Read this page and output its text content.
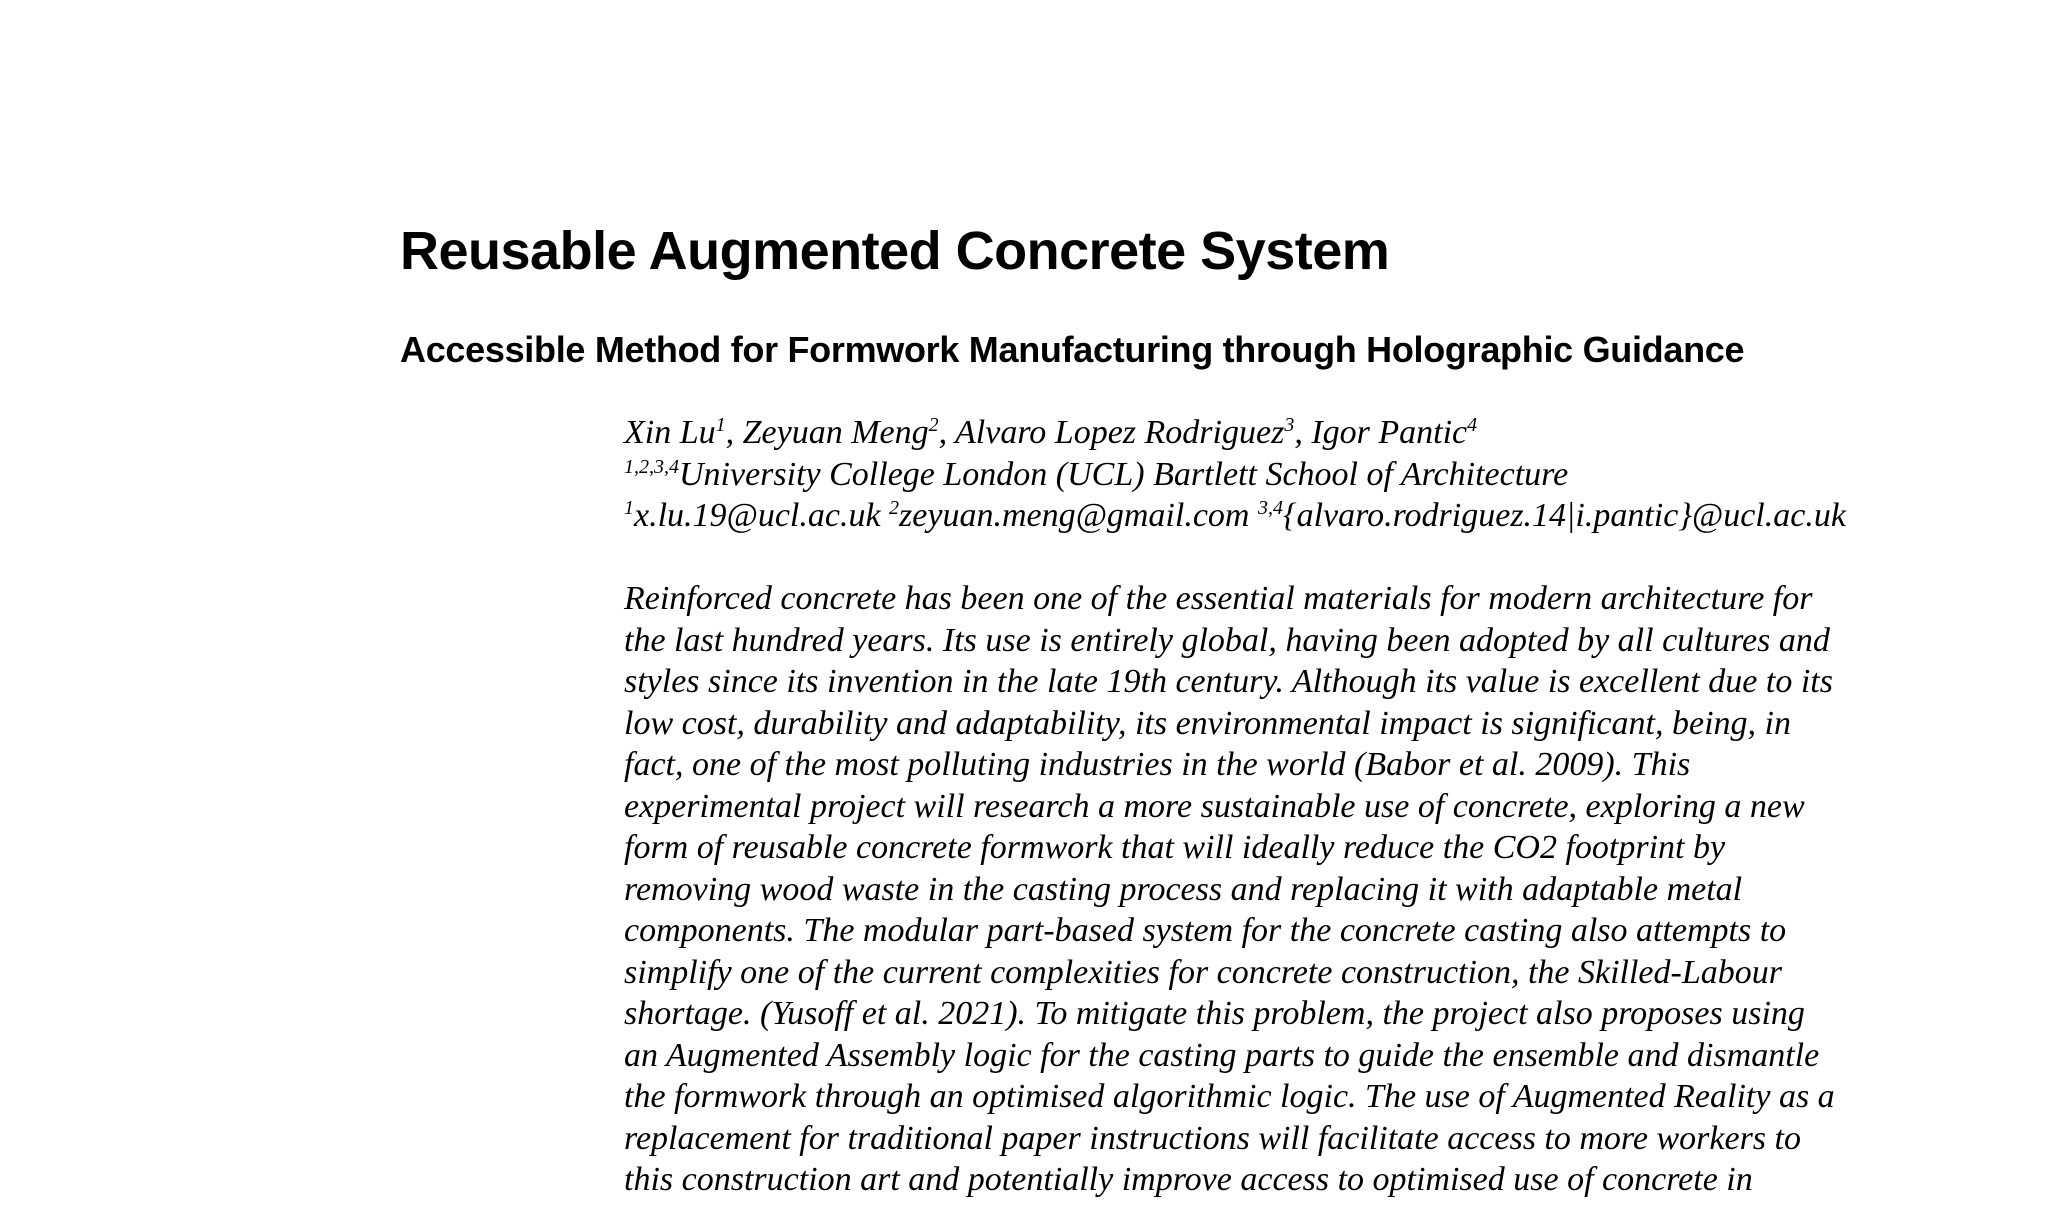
Reusable Augmented Concrete System
Accessible Method for Formwork Manufacturing through Holographic Guidance
Xin Lu$^1$, Zeyuan Meng$^2$, Alvaro Lopez Rodriguez$^3$, Igor Pantic$^4$
$^{1,2,3,4}$University College London (UCL) Bartlett School of Architecture
$^1$x.lu.19@ucl.ac.uk $^2$zeyuan.meng@gmail.com $^{3,4}${alvaro.rodriguez.14|i.pantic}@ucl.ac.uk
Reinforced concrete has been one of the essential materials for modern architecture for
the last hundred years. Its use is entirely global, having been adopted by all cultures and
styles since its invention in the late 19th century. Although its value is excellent due to its
low cost, durability and adaptability, its environmental impact is significant, being, in
fact, one of the most polluting industries in the world (Babor et al. 2009). This
experimental project will research a more sustainable use of concrete, exploring a new
form of reusable concrete formwork that will ideally reduce the CO2 footprint by
removing wood waste in the casting process and replacing it with adaptable metal
components. The modular part-based system for the concrete casting also attempts to
simplify one of the current complexities for concrete construction, the Skilled-Labour
shortage. (Yusoff et al. 2021). To mitigate this problem, the project also proposes using
an Augmented Assembly logic for the casting parts to guide the ensemble and dismantle
the formwork through an optimised algorithmic logic. The use of Augmented Reality as a
replacement for traditional paper instructions will facilitate access to more workers to
this construction art and potentially improve access to optimised use of concrete in
